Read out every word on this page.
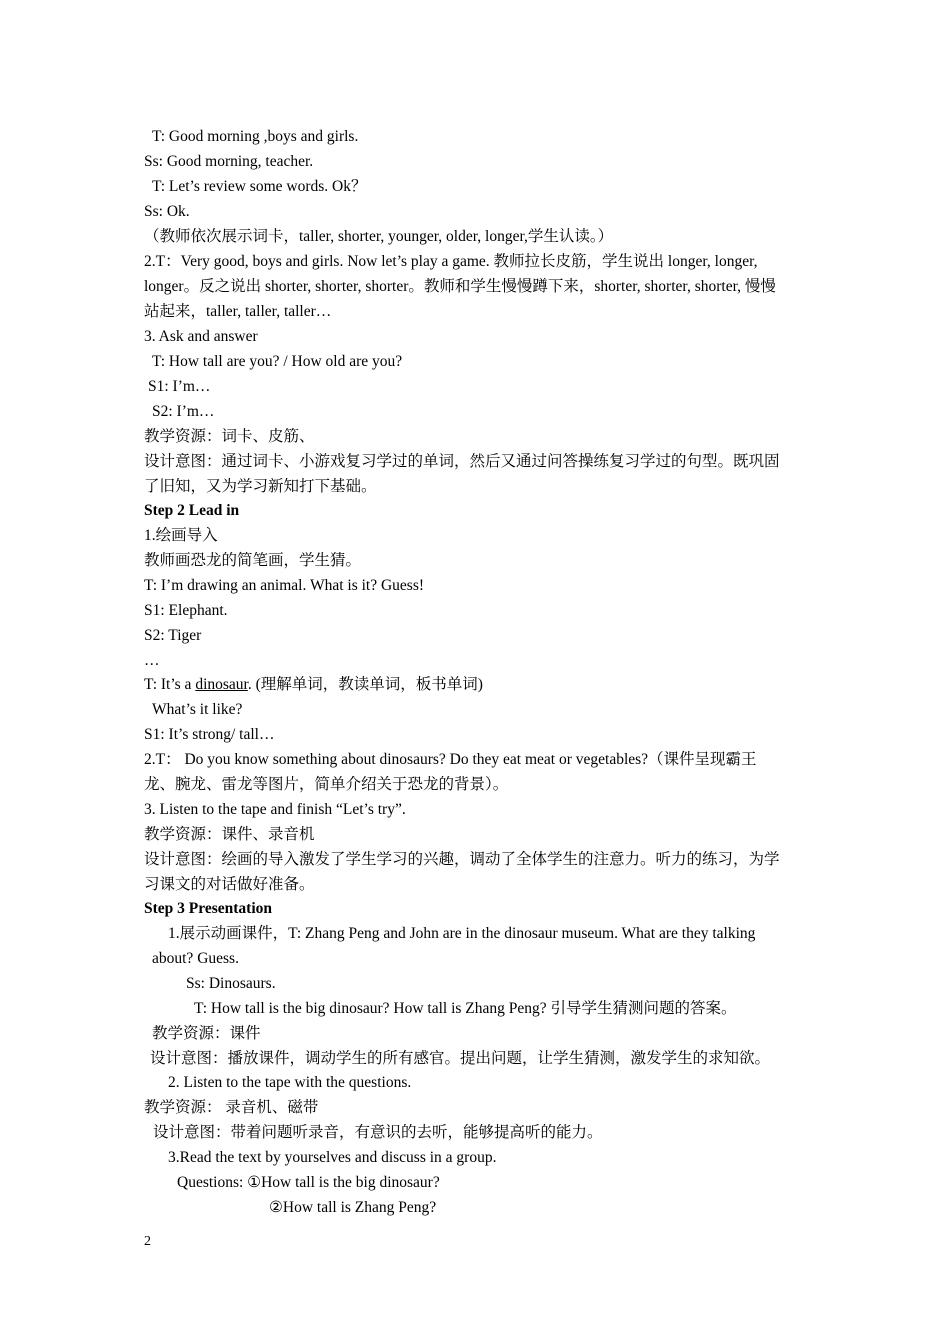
T: Good morning ,boys and girls.
Ss: Good morning, teacher.
T: Let’s review some words. Ok？
Ss: Ok.
（教师依次展示词卡，taller, shorter, younger, older, longer,学生认读。）
2.T：Very good, boys and girls. Now let’s play a game. 教师拉长皮筋，学生说出 longer, longer,
longer。反之说出 shorter, shorter, shorter。教师和学生慢慢蹲下来，shorter, shorter, shorter, 慢慢
站起来，taller, taller, taller…
3. Ask and answer
T: How tall are you? / How old are you?
S1: I’m…
S2: I’m…
教学资源：词卡、皮筋、
设计意图：通过词卡、小游戏复习学过的单词，然后又通过问答操练复习学过的句型。既巩固
了旧知，又为学习新知打下基础。
Step 2 Lead in
1.绘画导入
教师画恐龙的简笔画，学生猜。
T: I’m drawing an animal. What is it? Guess!
S1: Elephant.
S2: Tiger
…
T: It’s a dinosaur. (理解单词，教读单词，板书单词)
What’s it like?
S1: It’s strong/ tall…
2.T： Do you know something about dinosaurs? Do they eat meat or vegetables?（课件呈现霸王
龙、腕龙、雷龙等图片，简单介绍关于恐龙的背景）。
3. Listen to the tape and finish “Let’s try”.
教学资源：课件、录音机
设计意图：绘画的导入激发了学生学习的兴趣，调动了全体学生的注意力。听力的练习，为学
习课文的对话做好准备。
Step 3 Presentation
1.展示动画课件，T: Zhang Peng and John are in the dinosaur museum. What are they talking
about? Guess.
Ss: Dinosaurs.
T: How tall is the big dinosaur? How tall is Zhang Peng? 引导学生猜测问题的答案。
教学资源：课件
设计意图：播放课件，调动学生的所有感官。提出问题，让学生猜测，激发学生的求知欲。
2. Listen to the tape with the questions.
教学资源： 录音机、磁带
设计意图：带着问题听录音，有意识的去听，能够提高听的能力。
3.Read the text by yourselves and discuss in a group.
Questions: ①How tall is the big dinosaur?
②How tall is Zhang Peng?
2
